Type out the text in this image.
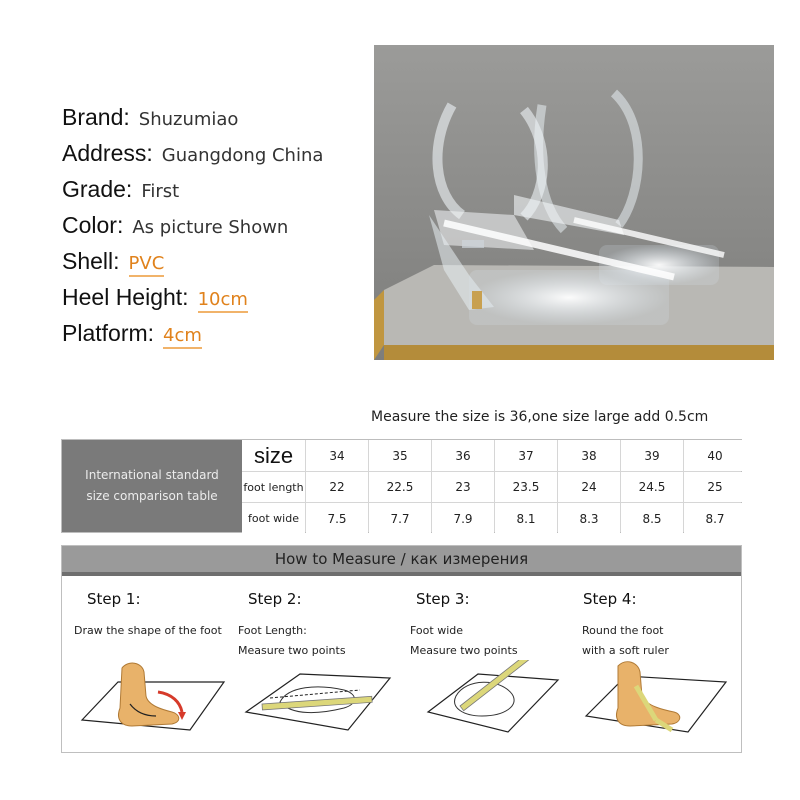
Brand: Shuzumiao
Address: Guangdong China
Grade: First
Color: As picture Shown
Shell: PVC
Heel Height: 10cm
Platform: 4cm
Measure the size is 36,one size large add 0.5cm
International standard
size comparison table
size	34	35	36	37	38	39	40
foot length	22	22.5	23	23.5	24	24.5	25
foot wide	7.5	7.7	7.9	8.1	8.3	8.5	8.7
How to Measure / как измерения
Step 1:
Draw the shape of the foot
Step 2:
Foot Length:
Measure two points
Step 3:
Foot wide
Measure two points
Step 4:
Round the foot
with a soft ruler
